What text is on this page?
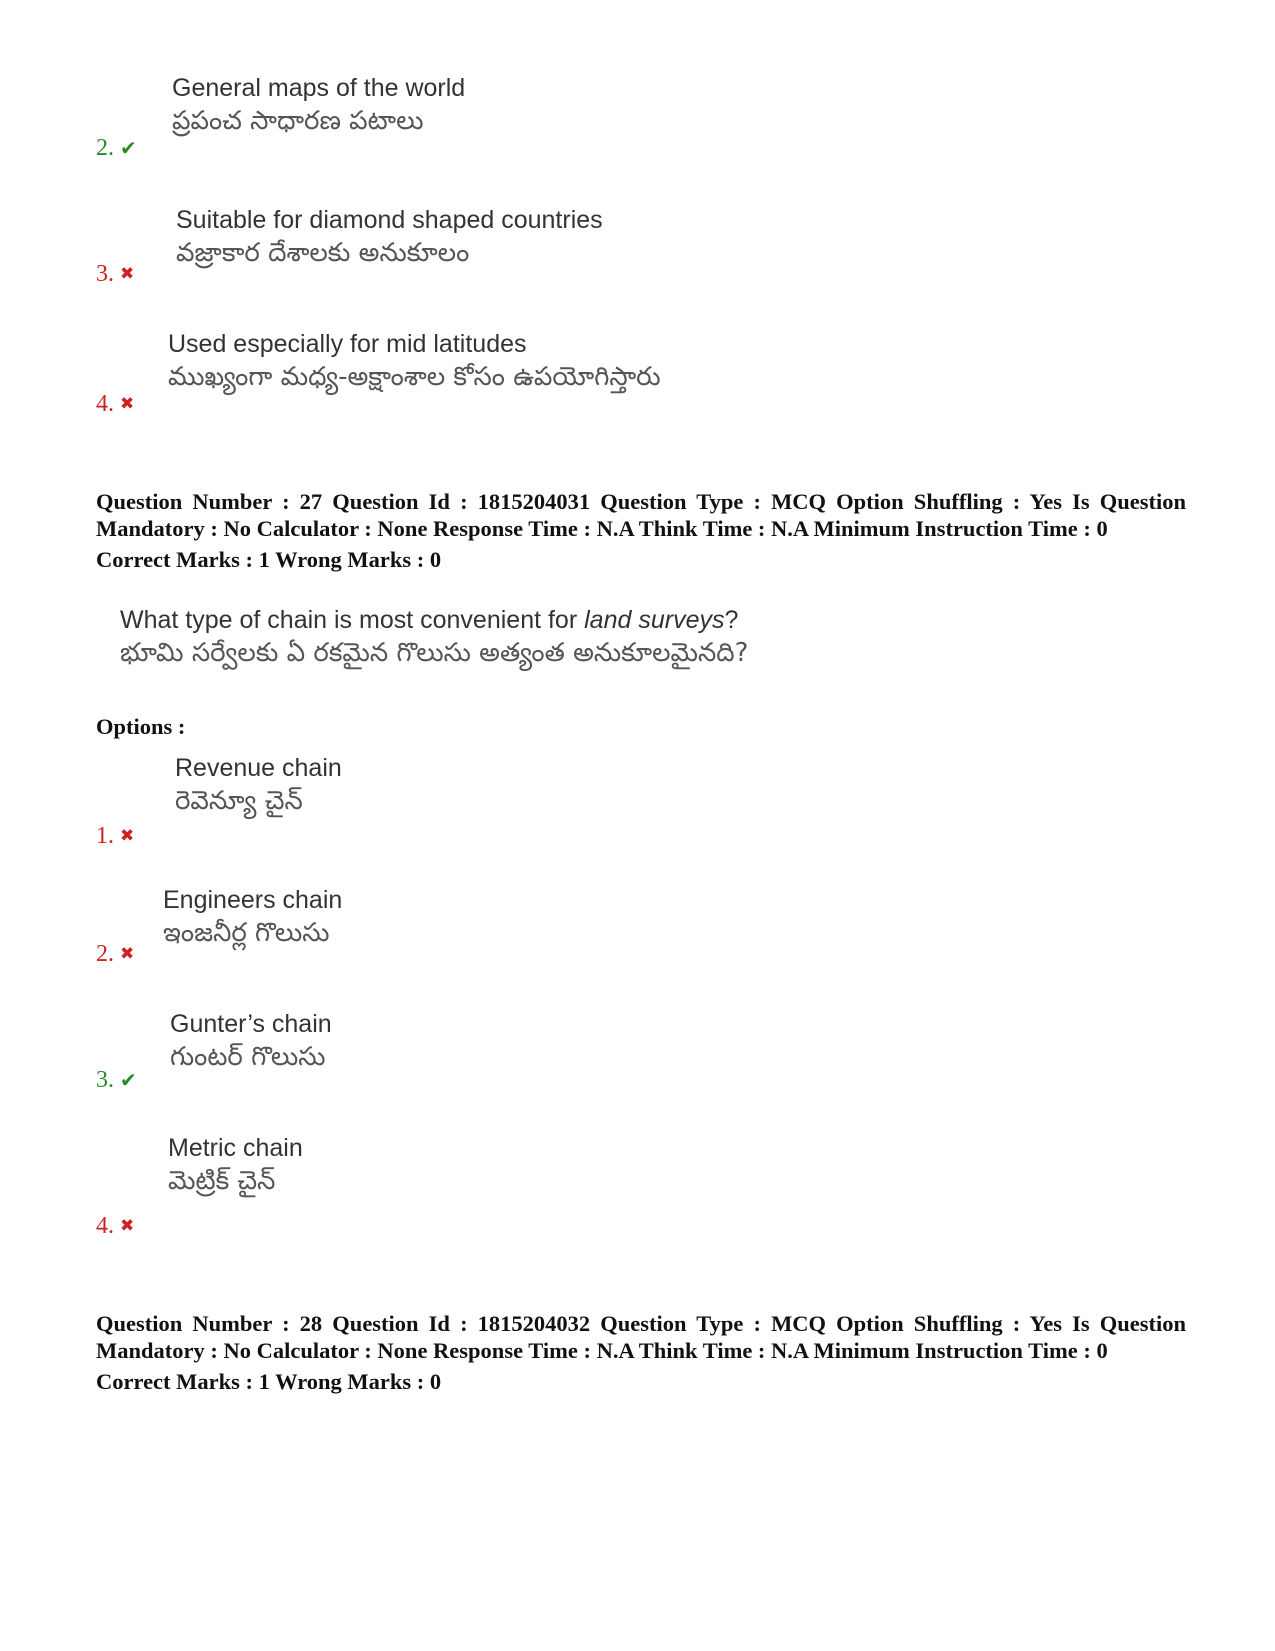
General maps of the world
ప్రపంచ సాధారణ పటాలు
2. ✔
Suitable for diamond shaped countries
వజ్రాకార దేశాలకు అనుకూలం
3. ✖
Used especially for mid latitudes
ముఖ్యంగా మధ్య-అక్షాంశాల కోసం ఉపయోగిస్తారు
4. ✖
Question Number : 27 Question Id : 1815204031 Question Type : MCQ Option Shuffling : Yes Is Question Mandatory : No Calculator : None Response Time : N.A Think Time : N.A Minimum Instruction Time : 0
Correct Marks : 1 Wrong Marks : 0
What type of chain is most convenient for land surveys?
భూమి సర్వేలకు ఏ రకమైన గొలుసు అత్యంత అనుకూలమైనది?
Options :
Revenue chain
రెవెన్యూ చైన్
1. ✖
Engineers chain
ఇంజనీర్ల గొలుసు
2. ✖
Gunter’s chain
గుంటర్ గొలుసు
3. ✔
Metric chain
మెట్రిక్ చైన్
4. ✖
Question Number : 28 Question Id : 1815204032 Question Type : MCQ Option Shuffling : Yes Is Question Mandatory : No Calculator : None Response Time : N.A Think Time : N.A Minimum Instruction Time : 0
Correct Marks : 1 Wrong Marks : 0
